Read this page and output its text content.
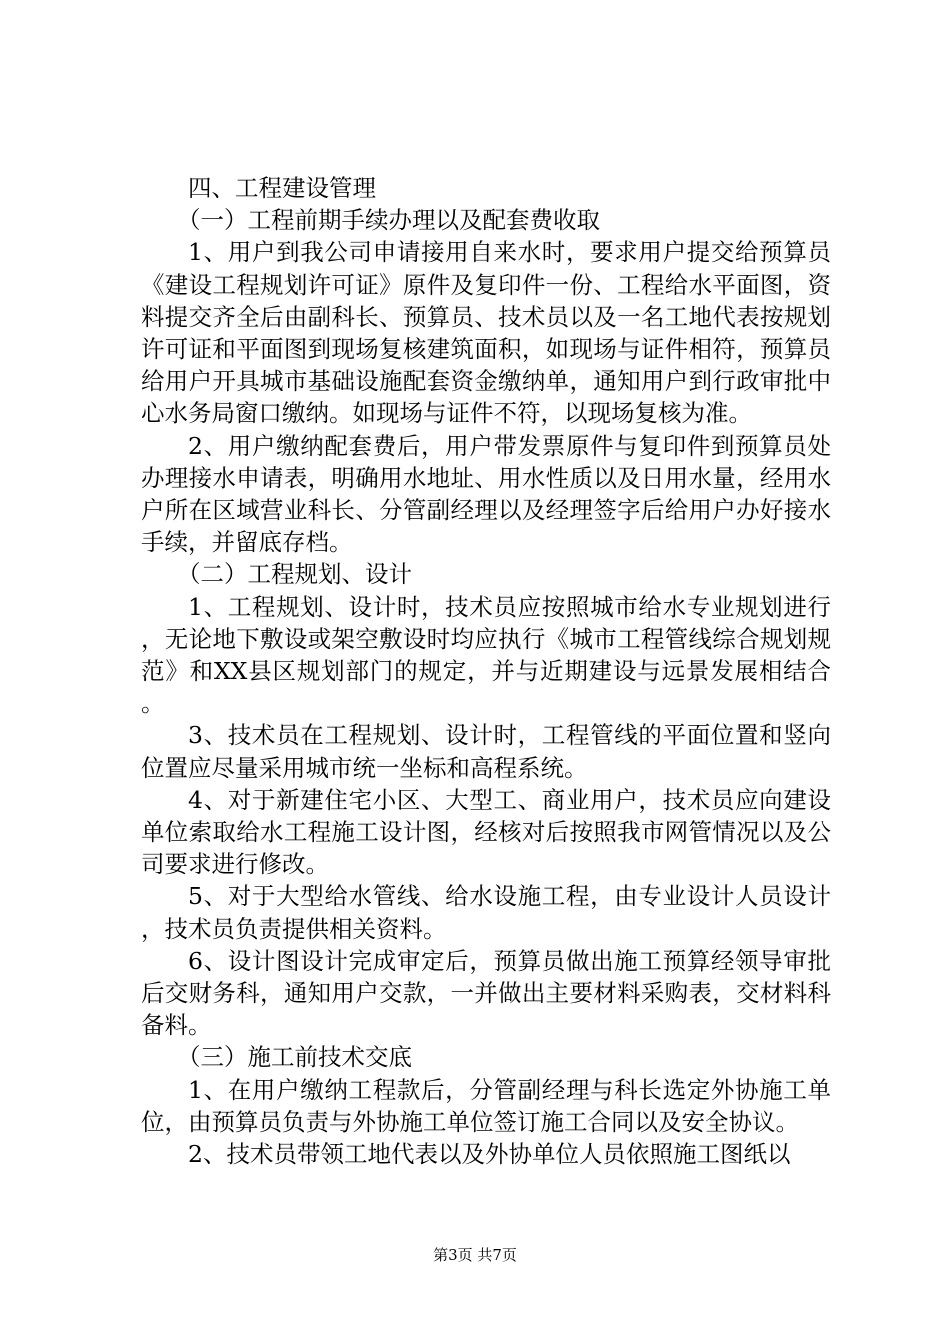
四、工程建设管理

（一）工程前期手续办理以及配套费收取

1、用户到我公司申请接用自来水时，要求用户提交给预算员《建设工程规划许可证》原件及复印件一份、工程给水平面图，资料提交齐全后由副科长、预算员、技术员以及一名工地代表按规划许可证和平面图到现场复核建筑面积，如现场与证件相符，预算员给用户开具城市基础设施配套资金缴纳单，通知用户到行政审批中心水务局窗口缴纳。如现场与证件不符，以现场复核为准。

2、用户缴纳配套费后，用户带发票原件与复印件到预算员处办理接水申请表，明确用水地址、用水性质以及日用水量，经用水户所在区域营业科长、分管副经理以及经理签字后给用户办好接水手续，并留底存档。

（二）工程规划、设计

1、工程规划、设计时，技术员应按照城市给水专业规划进行，无论地下敷设或架空敷设时均应执行《城市工程管线综合规划规范》和XX县区规划部门的规定，并与近期建设与远景发展相结合。

3、技术员在工程规划、设计时，工程管线的平面位置和竖向位置应尽量采用城市统一坐标和高程系统。

4、对于新建住宅小区、大型工、商业用户，技术员应向建设单位索取给水工程施工设计图，经核对后按照我市网管情况以及公司要求进行修改。

5、对于大型给水管线、给水设施工程，由专业设计人员设计，技术员负责提供相关资料。

6、设计图设计完成审定后，预算员做出施工预算经领导审批后交财务科，通知用户交款，一并做出主要材料采购表，交材料科备料。

（三）施工前技术交底

1、在用户缴纳工程款后，分管副经理与科长选定外协施工单位，由预算员负责与外协施工单位签订施工合同以及安全协议。

2、技术员带领工地代表以及外协单位人员依照施工图纸以

第3页 共7页
